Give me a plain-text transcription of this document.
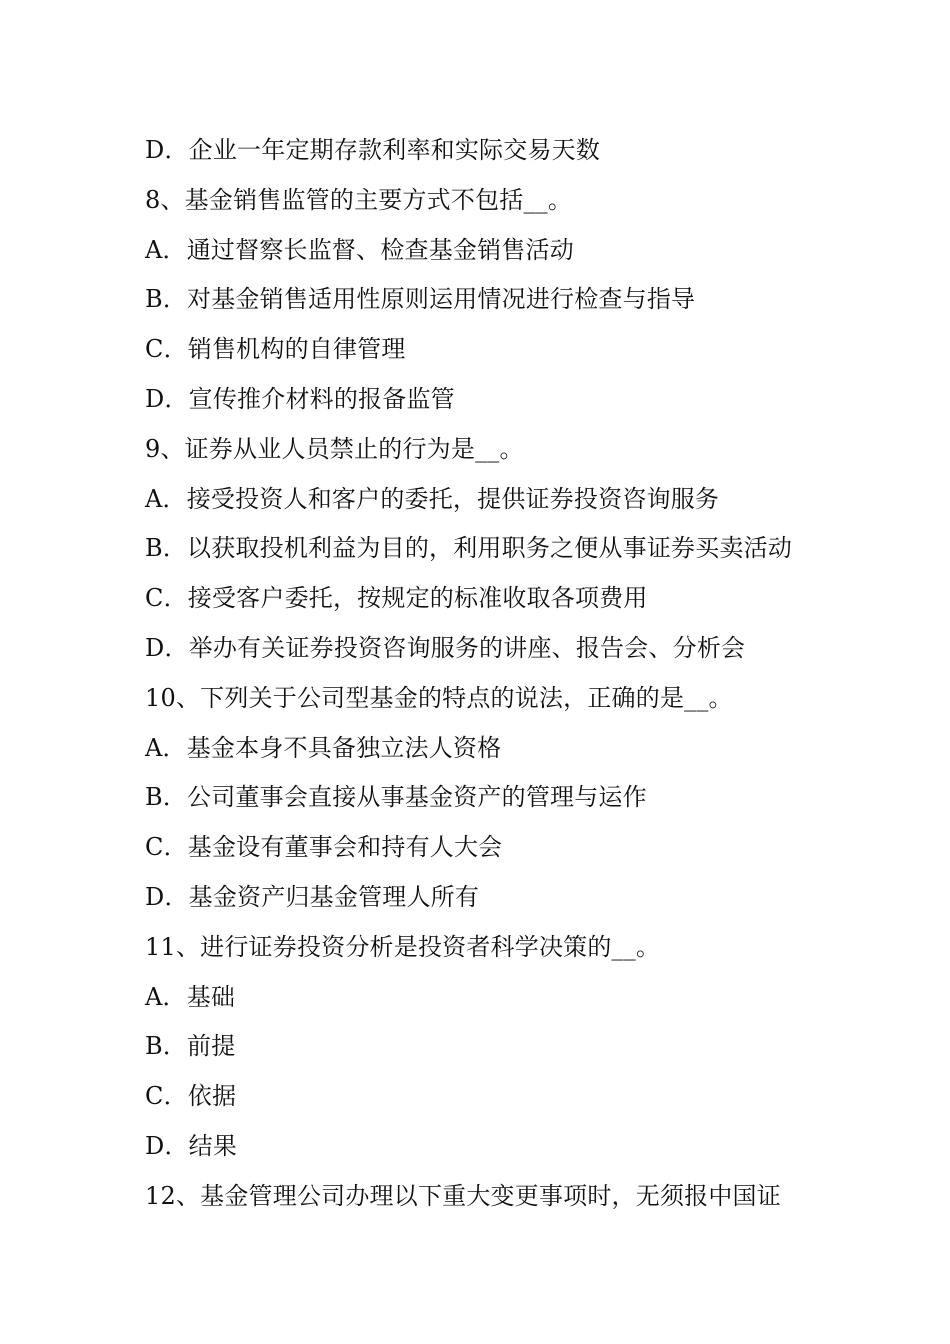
D．企业一年定期存款利率和实际交易天数
8、基金销售监管的主要方式不包括__。
A．通过督察长监督、检查基金销售活动
B．对基金销售适用性原则运用情况进行检查与指导
C．销售机构的自律管理
D．宣传推介材料的报备监管
9、证券从业人员禁止的行为是__。
A．接受投资人和客户的委托，提供证券投资咨询服务
B．以获取投机利益为目的，利用职务之便从事证券买卖活动
C．接受客户委托，按规定的标准收取各项费用
D．举办有关证券投资咨询服务的讲座、报告会、分析会
10、下列关于公司型基金的特点的说法，正确的是__。
A．基金本身不具备独立法人资格
B．公司董事会直接从事基金资产的管理与运作
C．基金设有董事会和持有人大会
D．基金资产归基金管理人所有
11、进行证券投资分析是投资者科学决策的__。
A．基础
B．前提
C．依据
D．结果
12、基金管理公司办理以下重大变更事项时，无须报中国证
